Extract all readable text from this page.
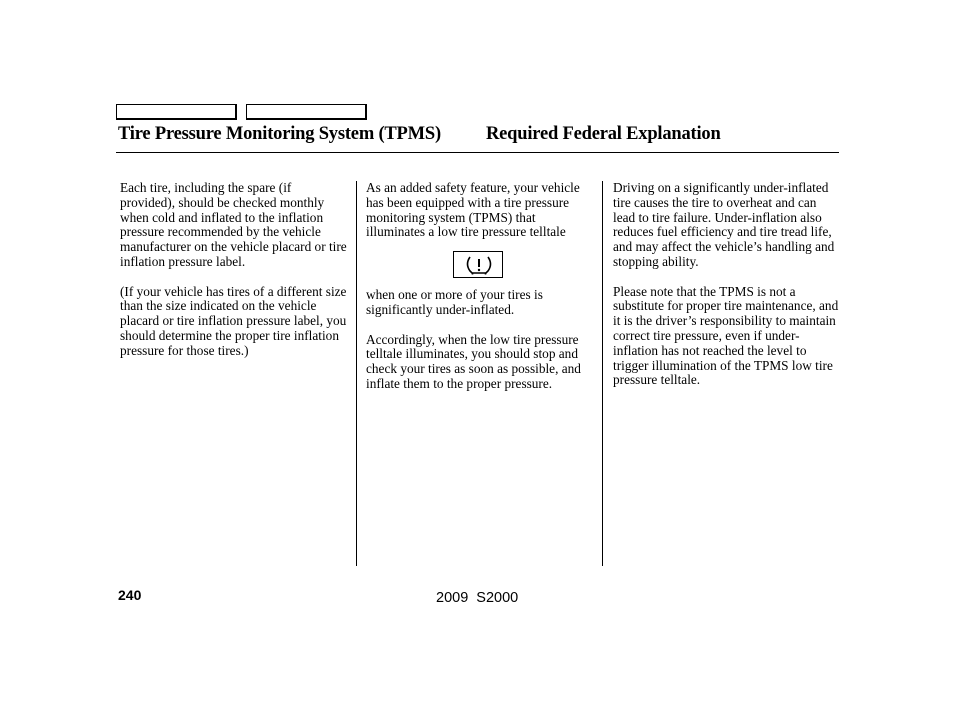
Tire Pressure Monitoring System (TPMS) Required Federal Explanation

Each tire, including the spare (if provided), should be checked monthly when cold and inflated to the inflation pressure recommended by the vehicle manufacturer on the vehicle placard or tire inflation pressure label.

(If your vehicle has tires of a different size than the size indicated on the vehicle placard or tire inflation pressure label, you should determine the proper tire inflation pressure for those tires.)

As an added safety feature, your vehicle has been equipped with a tire pressure monitoring system (TPMS) that illuminates a low tire pressure telltale

when one or more of your tires is significantly under-inflated.

Accordingly, when the low tire pressure telltale illuminates, you should stop and check your tires as soon as possible, and inflate them to the proper pressure.

Driving on a significantly under-inflated tire causes the tire to overheat and can lead to tire failure. Under-inflation also reduces fuel efficiency and tire tread life, and may affect the vehicle’s handling and stopping ability.

Please note that the TPMS is not a substitute for proper tire maintenance, and it is the driver’s responsibility to maintain correct tire pressure, even if under-inflation has not reached the level to trigger illumination of the TPMS low tire pressure telltale.

240	2009 S2000
